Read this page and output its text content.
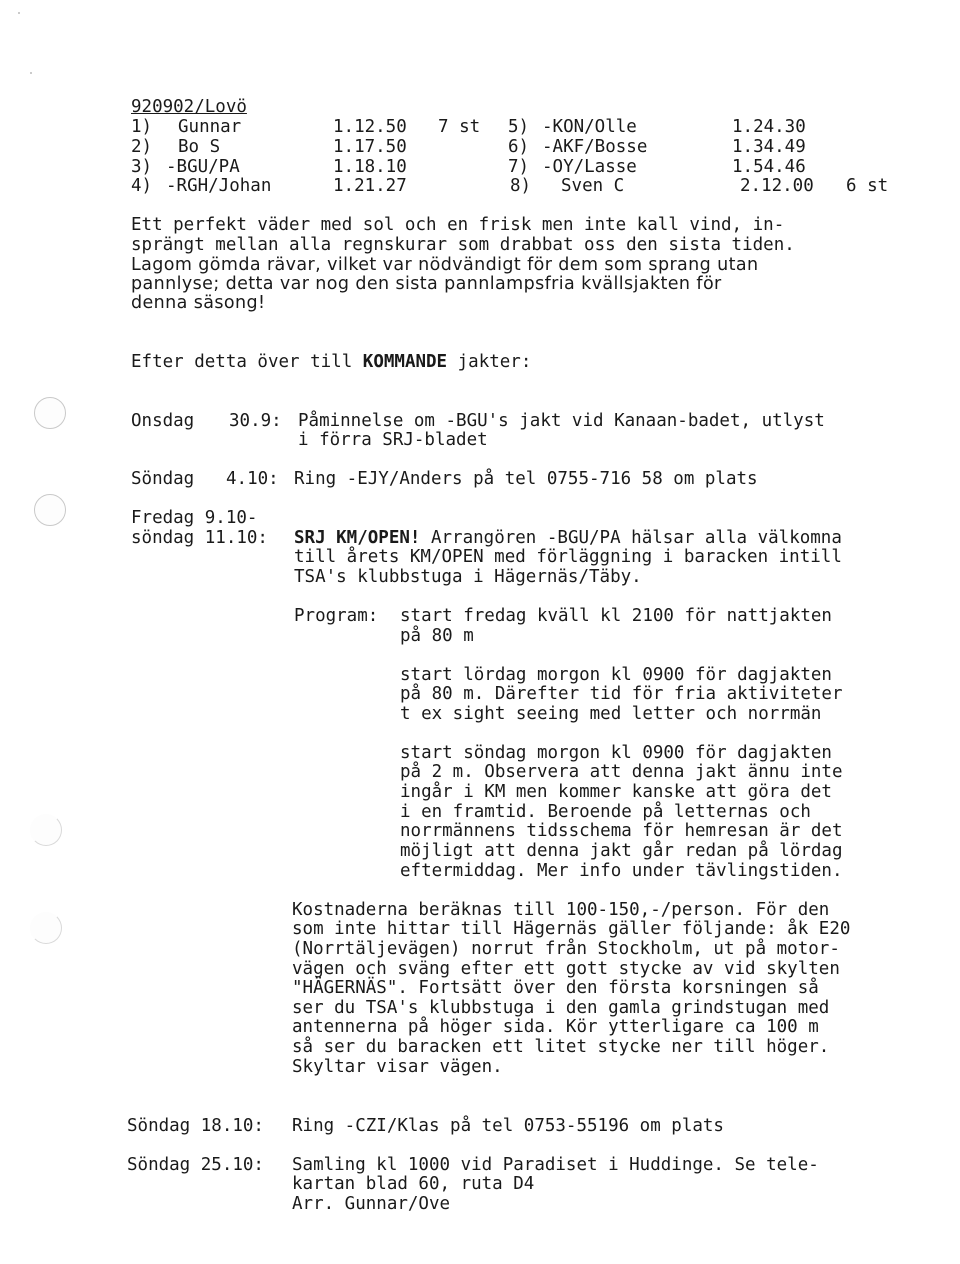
920902/Lovö
1) Gunnar	1.12.50 7 st
2) Bo S	1.17.50
3) -BGU/PA	1.18.10
4) -RGH/Johan	1.21.27
5) -KON/Olle	1.24.30
6) -AKF/Bosse	1.34.49
7) -OY/Lasse	1.54.46
8) Sven C	2.12.00 6 st
Ett perfekt väder med sol och en frisk men inte kall vind, in-
sprängt mellan alla regnskurar som drabbat oss den sista tiden.
Lagom gömda rävar, vilket var nödvändigt för dem som sprang utan
pannlyse; detta var nog den sista pannlampsfria kvällsjakten för
denna säsong!
Efter detta över till KOMMANDE jakter:
Onsdag 30.9: Påminnelse om -BGU's jakt vid Kanaan-badet, utlyst
i förra SRJ-bladet
Söndag 4.10: Ring -EJY/Anders på tel 0755-716 58 om plats
Fredag 9.10-
söndag 11.10: SRJ KM/OPEN! Arrangören -BGU/PA hälsar alla välkomna
till årets KM/OPEN med förläggning i baracken intill
TSA's klubbstuga i Hägernäs/Täby.
Program: start fredag kväll kl 2100 för nattjakten
på 80 m
start lördag morgon kl 0900 för dagjakten
på 80 m. Därefter tid för fria aktiviteter
t ex sight seeing med letter och norrmän
start söndag morgon kl 0900 för dagjakten
på 2 m. Observera att denna jakt ännu inte
ingår i KM men kommer kanske att göra det
i en framtid. Beroende på letternas och
norrmännens tidsschema för hemresan är det
möjligt att denna jakt går redan på lördag
eftermiddag. Mer info under tävlingstiden.
Kostnaderna beräknas till 100-150,-/person. För den
som inte hittar till Hägernäs gäller följande: åk E20
(Norrtäljevägen) norrut från Stockholm, ut på motor-
vägen och sväng efter ett gott stycke av vid skylten
"HÄGERNÄS". Fortsätt över den första korsningen så
ser du TSA's klubbstuga i den gamla grindstugan med
antennerna på höger sida. Kör ytterligare ca 100 m
så ser du baracken ett litet stycke ner till höger.
Skyltar visar vägen.
Söndag 18.10: Ring -CZI/Klas på tel 0753-55196 om plats
Söndag 25.10: Samling kl 1000 vid Paradiset i Huddinge. Se tele-
kartan blad 60, ruta D4
Arr. Gunnar/Ove
